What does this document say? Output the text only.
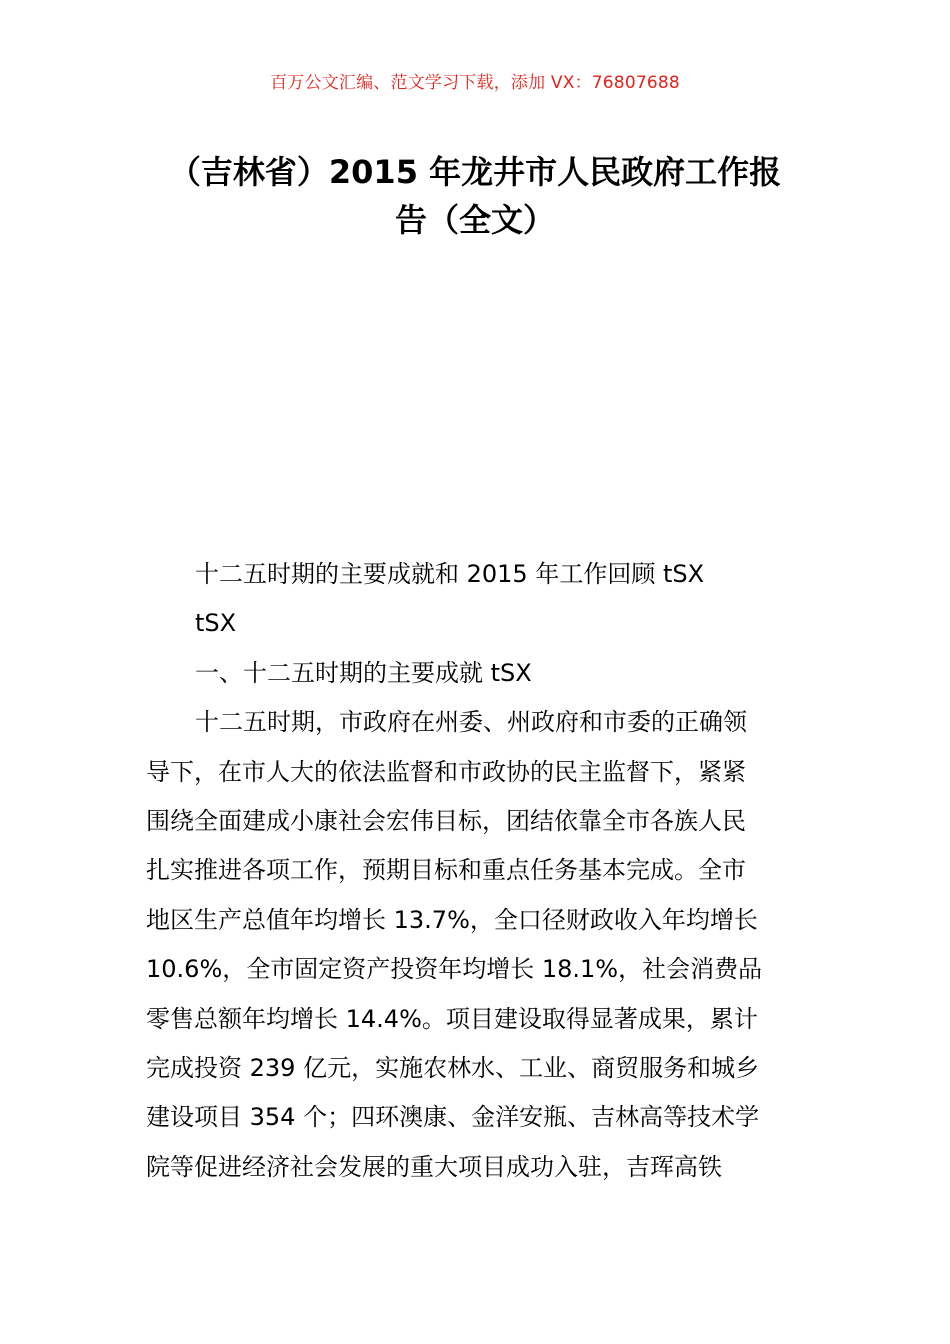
百万公文汇编、范文学习下载，添加 VX：76807688
（吉林省）2015 年龙井市人民政府工作报
告（全文）
十二五时期的主要成就和 2015 年工作回顾 tSX
tSX
一、十二五时期的主要成就 tSX
十二五时期，市政府在州委、州政府和市委的正确领
导下，在市人大的依法监督和市政协的民主监督下，紧紧
围绕全面建成小康社会宏伟目标，团结依靠全市各族人民
扎实推进各项工作，预期目标和重点任务基本完成。全市
地区生产总值年均增长 13.7%，全口径财政收入年均增长
10.6%，全市固定资产投资年均增长 18.1%，社会消费品
零售总额年均增长 14.4%。项目建设取得显著成果，累计
完成投资 239 亿元，实施农林水、工业、商贸服务和城乡
建设项目 354 个；四环澳康、金洋安瓶、吉林高等技术学
院等促进经济社会发展的重大项目成功入驻，吉珲高铁
